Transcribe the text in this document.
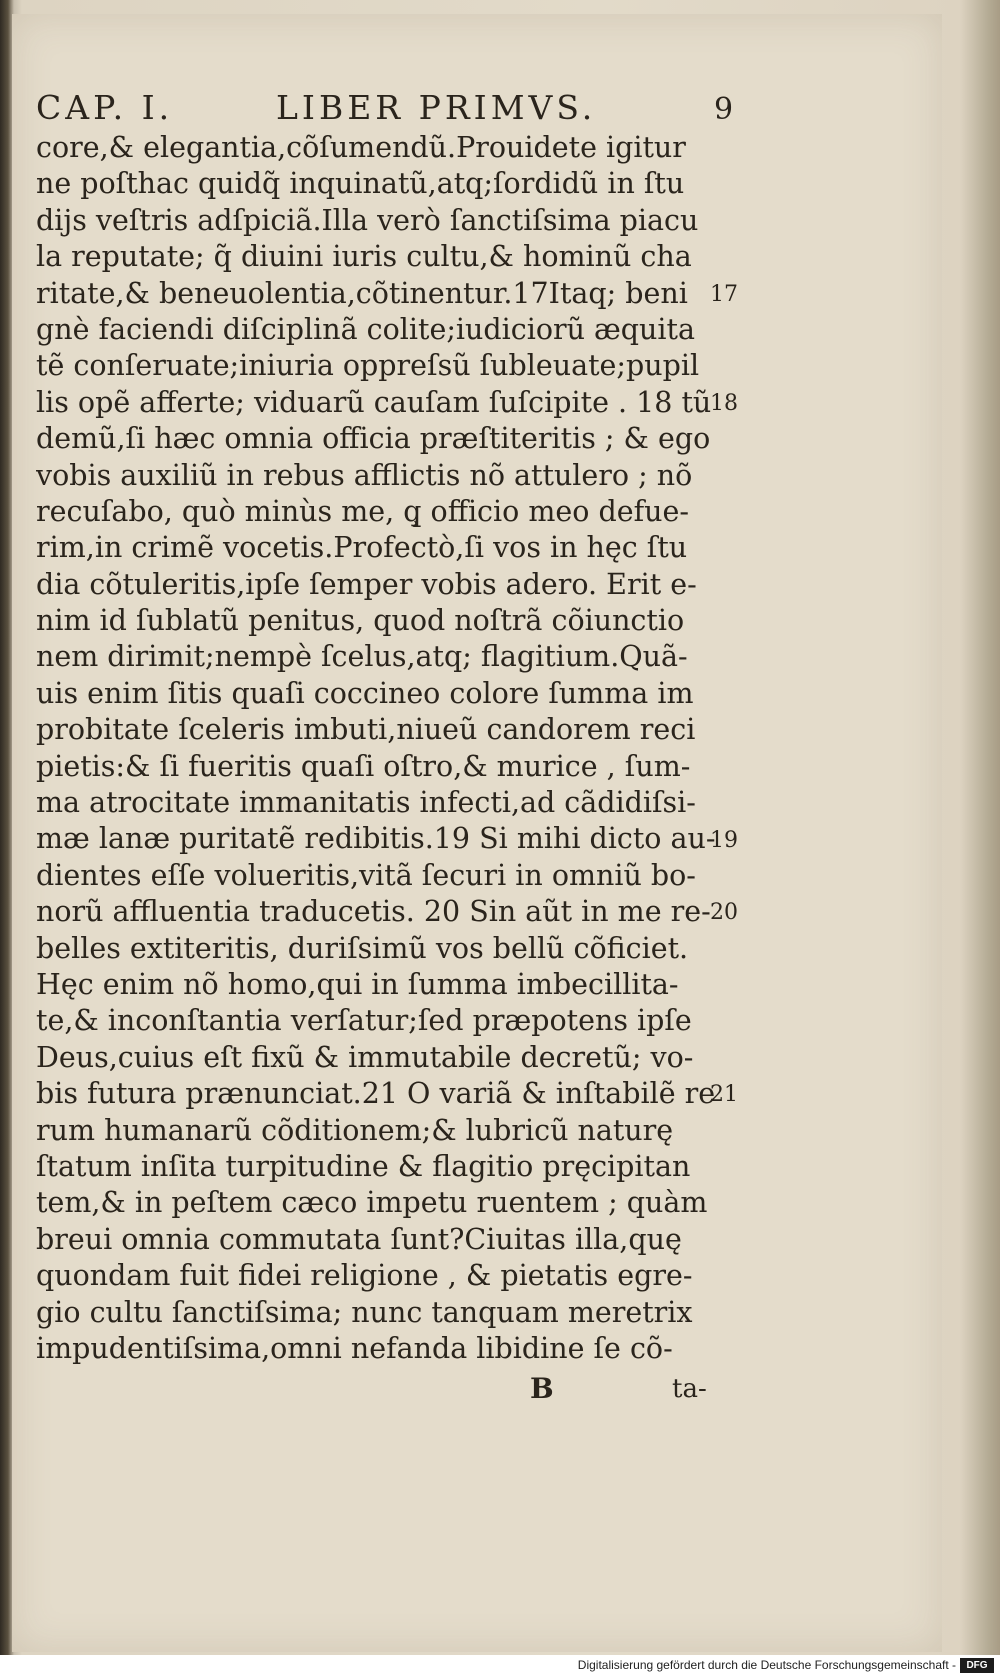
CAP. I.	LIBER PRIMVS.	9
core,& elegantia,cõſumendũ.Prouidete igitur
ne poſthac quidq̃ inquinatũ,atq;ſordidũ in ſtu
dijs veſtris adſpiciã.Illa verò ſanctiſsima piacu
la reputate; q̃ diuini iuris cultu,& hominũ cha
ritate,& beneuolentia,cõtinentur.17Itaq; beni
gnè faciendi diſciplinã colite;iudiciorũ æquita
tẽ conſeruate;iniuria oppreſsũ ſubleuate;pupil
lis opẽ afferte; viduarũ cauſam ſuſcipite . 18 tũ
demũ,ſi hæc omnia officia præſtiteritis ; & ego
vobis auxiliũ in rebus afflictis nõ attulero ; nõ
recuſabo, quò minùs me, q̧ officio meo defue-
rim,in crimẽ vocetis.Profectò,ſi vos in hęc ſtu
dia cõtuleritis,ipſe ſemper vobis adero. Erit e-
nim id ſublatũ penitus, quod noſtrã cõiunctio
nem dirimit;nempè ſcelus,atq; flagitium.Quã-
uis enim ſitis quaſi coccineo colore ſumma im
probitate ſceleris imbuti,niueũ candorem reci
pietis:& ſi fueritis quaſi oſtro,& murice , ſum-
ma atrocitate immanitatis infecti,ad cãdidiſsi-
mæ lanæ puritatẽ redibitis.19 Si mihi dicto au-
dientes eſſe volueritis,vitã ſecuri in omniũ bo-
norũ affluentia traducetis. 20 Sin aũt in me re-
belles extiteritis, duriſsimũ vos bellũ cõficiet.
Hęc enim nõ homo,qui in ſumma imbecillita-
te,& inconſtantia verſatur;ſed præpotens ipſe
Deus,cuius eſt fixũ & immutabile decretũ; vo-
bis futura prænunciat.21 O variã & inſtabilẽ re
rum humanarũ cõditionem;& lubricũ naturę
ſtatum inſita turpitudine & flagitio pręcipitan
tem,& in peſtem cæco impetu ruentem ; quàm
breui omnia commutata ſunt?Ciuitas illa,quę
quondam fuit fidei religione , & pietatis egre-
gio cultu ſanctiſsima; nunc tanquam meretrix
impudentiſsima,omni nefanda libidine ſe cõ-
17
18
19
20
21
B	ta-
Digitalisierung gefördert durch die Deutsche Forschungsgemeinschaft -	DFG
